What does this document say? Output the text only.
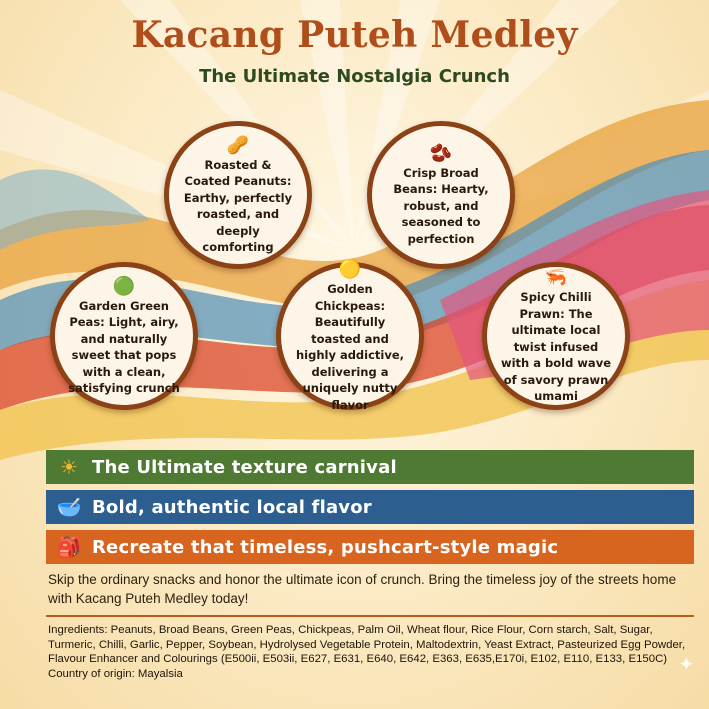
Kacang Puteh Medley
The Ultimate Nostalgia Crunch
🥜
Roasted & Coated Peanuts: Earthy, perfectly roasted, and deeply comforting
🫘
Crisp Broad Beans: Hearty, robust, and seasoned to perfection
🟢
Garden Green Peas: Light, airy, and naturally sweet that pops with a clean, satisfying crunch
🟡
Golden Chickpeas: Beautifully toasted and highly addictive, delivering a uniquely nutty flavor
🦐
Spicy Chilli Prawn: The ultimate local twist infused with a bold wave of savory prawn umami
☀ The Ultimate texture carnival
🥣 Bold, authentic local flavor
🎒 Recreate that timeless, pushcart-style magic
Skip the ordinary snacks and honor the ultimate icon of crunch. Bring the timeless joy of the streets home with Kacang Puteh Medley today!
Ingredients: Peanuts, Broad Beans, Green Peas, Chickpeas, Palm Oil, Wheat flour, Rice Flour, Corn starch, Salt, Sugar, Turmeric, Chilli, Garlic, Pepper, Soybean, Hydrolysed Vegetable Protein, Maltodextrin, Yeast Extract, Pasteurized Egg Powder, Flavour Enhancer and Colourings (E500ii, E503ii, E627, E631, E640, E642, E363, E635,E170i, E102, E110, E133, E150C)
Country of origin: Mayalsia	✦
